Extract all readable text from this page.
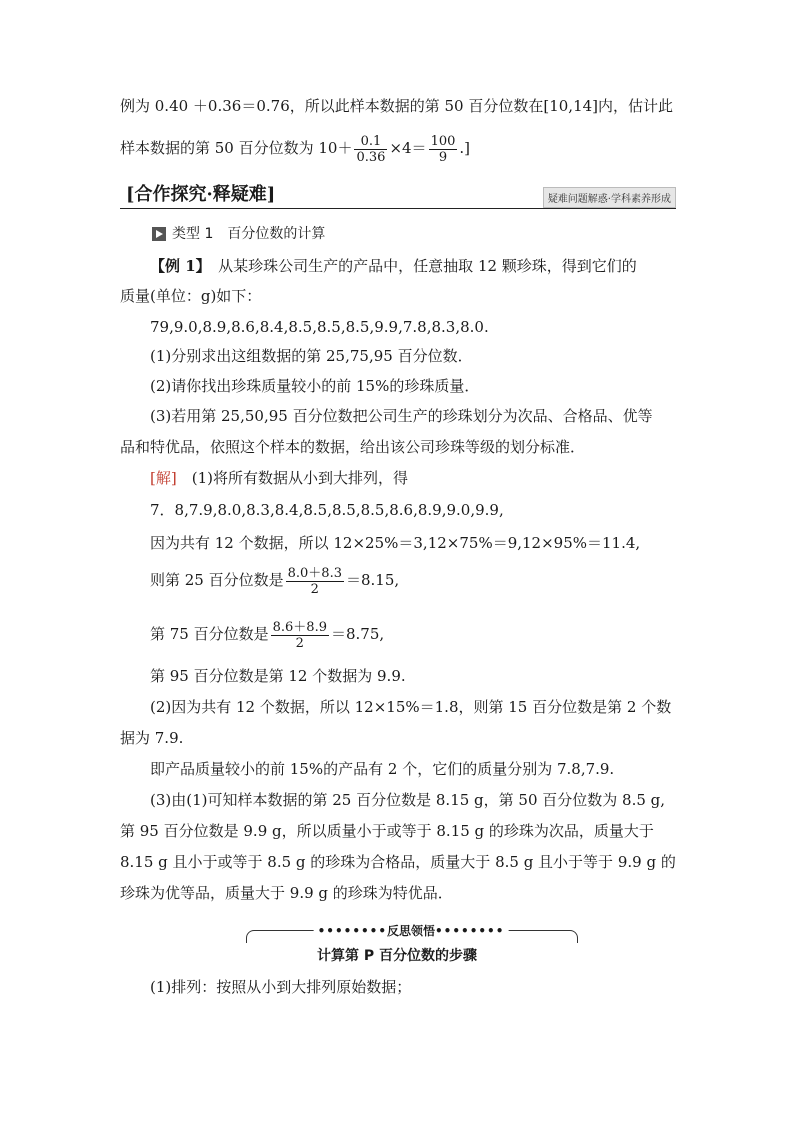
例为 0.40 ＋0.36＝0.76，所以此样本数据的第 50 百分位数在[10,14]内，估计此
样本数据的第 50 百分位数为 $10+ \frac{0.1}{0.36} \times 4= \frac{100}{9}$ .]
[合作探究·释疑难]	疑难问题解惑·学科素养形成
类型 1　百分位数的计算
【例 1】　从某珍珠公司生产的产品中，任意抽取 12 颗珍珠，得到它们的
质量(单位：g)如下：
79,9.0,8.9,8.6,8.4,8.5,8.5,8.5,9.9,7.8,8.3,8.0.
(1)分别求出这组数据的第 25,75,95 百分位数．
(2)请你找出珍珠质量较小的前 15%的珍珠质量．
(3)若用第 25,50,95 百分位数把公司生产的珍珠划分为次品、合格品、优等
品和特优品，依照这个样本的数据，给出该公司珍珠等级的划分标准．
[解]　 (1)将所有数据从小到大排列，得
7．8,7.9,8.0,8.3,8.4,8.5,8.5,8.5,8.6,8.9,9.0,9.9,
因为共有 12 个数据，所以 12×25%＝3,12×75%＝9,12×95%＝11.4,
则第 25 百分位数是 $\frac{8.0+8.3}{2} =8.15$,
第 75 百分位数是 $\frac{8.6+8.9}{2} =8.75$,
第 95 百分位数是第 12 个数据为 9.9.
(2)因为共有 12 个数据，所以 12×15%＝1.8，则第 15 百分位数是第 2 个数
据为 7.9.
即产品质量较小的前 15%的产品有 2 个，它们的质量分别为 7.8,7.9.
(3)由(1)可知样本数据的第 25 百分位数是 8.15 g，第 50 百分位数为 8.5 g,
第 95 百分位数是 9.9 g，所以质量小于或等于 8.15 g 的珍珠为次品，质量大于
8.15 g 且小于或等于 8.5 g 的珍珠为合格品，质量大于 8.5 g 且小于等于 9.9 g 的
珍珠为优等品，质量大于 9.9 g 的珍珠为特优品．
••••••••反思领悟••••••••
计算第 P 百分位数的步骤
(1)排列：按照从小到大排列原始数据；
